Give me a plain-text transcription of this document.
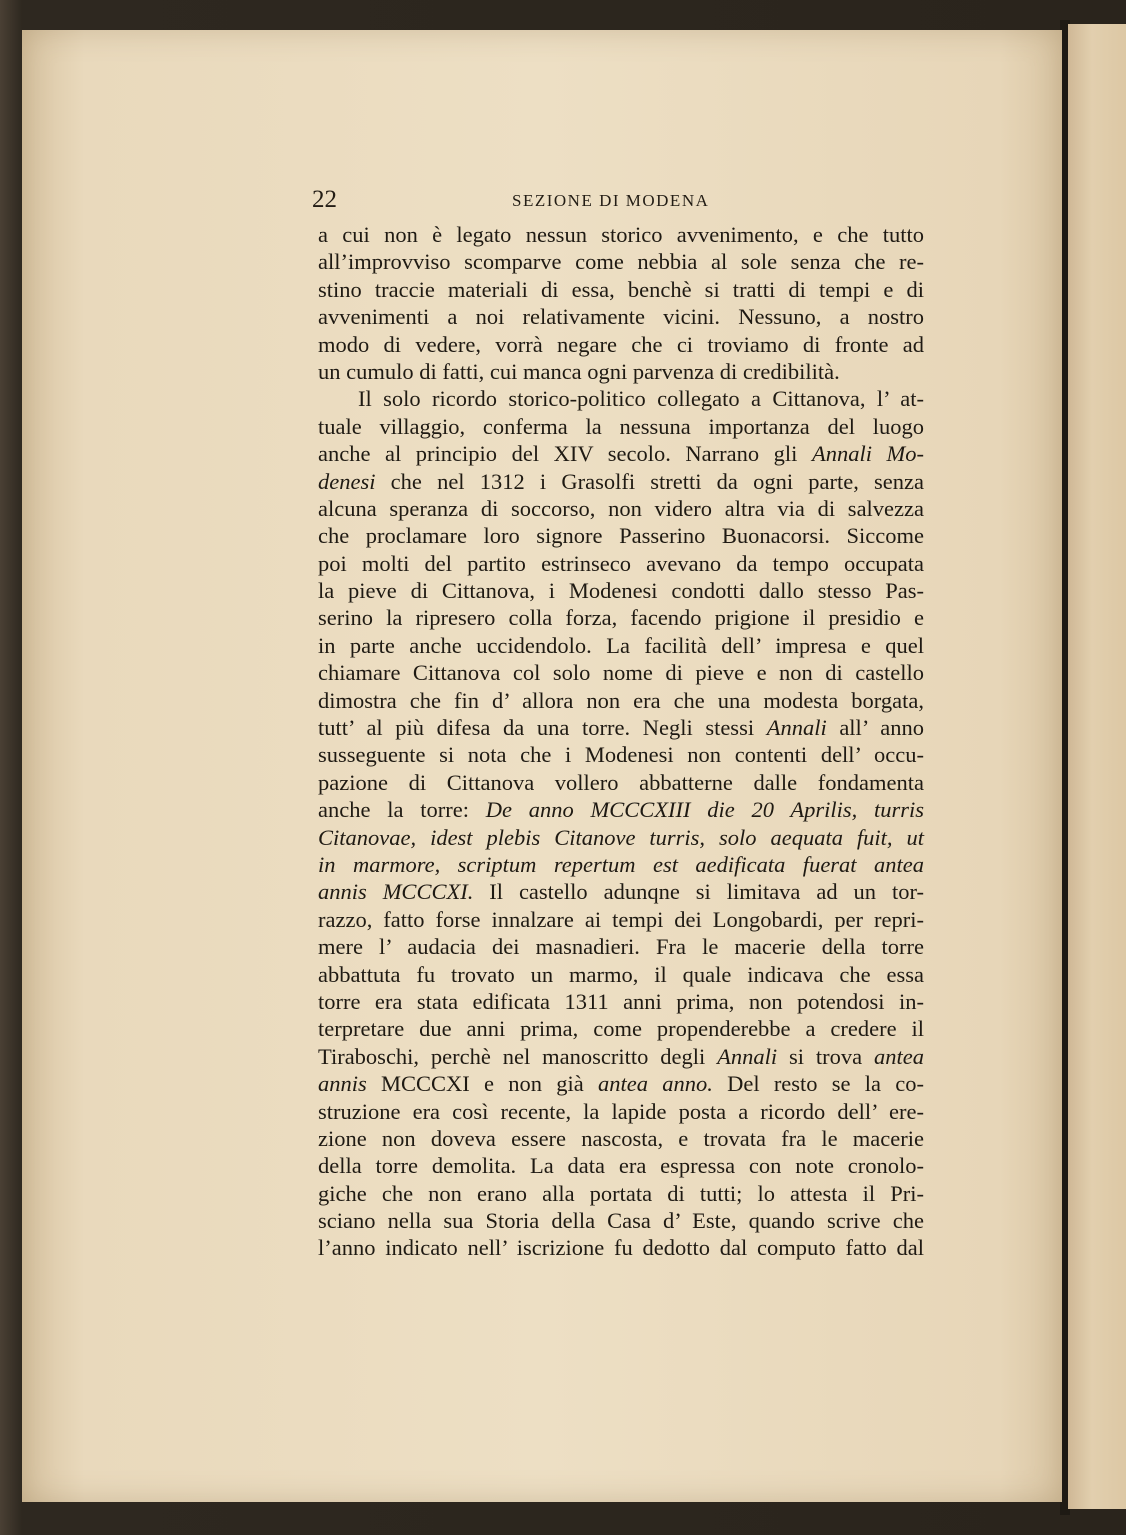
22	SEZIONE DI MODENA
a cui non è legato nessun storico avvenimento, e che tutto
all’improvviso scomparve come nebbia al sole senza che re-
stino traccie materiali di essa, benchè si tratti di tempi e di
avvenimenti a noi relativamente vicini. Nessuno, a nostro
modo di vedere, vorrà negare che ci troviamo di fronte ad
un cumulo di fatti, cui manca ogni parvenza di credibilità.
Il solo ricordo storico-politico collegato a Cittanova, l’ at-
tuale villaggio, conferma la nessuna importanza del luogo
anche al principio del XIV secolo. Narrano gli Annali Mo-
denesi che nel 1312 i Grasolfi stretti da ogni parte, senza
alcuna speranza di soccorso, non videro altra via di salvezza
che proclamare loro signore Passerino Buonacorsi. Siccome
poi molti del partito estrinseco avevano da tempo occupata
la pieve di Cittanova, i Modenesi condotti dallo stesso Pas-
serino la ripresero colla forza, facendo prigione il presidio e
in parte anche uccidendolo. La facilità dell’ impresa e quel
chiamare Cittanova col solo nome di pieve e non di castello
dimostra che fin d’ allora non era che una modesta borgata,
tutt’ al più difesa da una torre. Negli stessi Annali all’ anno
susseguente si nota che i Modenesi non contenti dell’ occu-
pazione di Cittanova vollero abbatterne dalle fondamenta
anche la torre: De anno MCCCXIII die 20 Aprilis, turris
Citanovae, idest plebis Citanove turris, solo aequata fuit, ut
in marmore, scriptum repertum est aedificata fuerat antea
annis MCCCXI. Il castello adunqne si limitava ad un tor-
razzo, fatto forse innalzare ai tempi dei Longobardi, per repri-
mere l’ audacia dei masnadieri. Fra le macerie della torre
abbattuta fu trovato un marmo, il quale indicava che essa
torre era stata edificata 1311 anni prima, non potendosi in-
terpretare due anni prima, come propenderebbe a credere il
Tiraboschi, perchè nel manoscritto degli Annali si trova antea
annis MCCCXI e non già antea anno. Del resto se la co-
struzione era così recente, la lapide posta a ricordo dell’ ere-
zione non doveva essere nascosta, e trovata fra le macerie
della torre demolita. La data era espressa con note cronolo-
giche che non erano alla portata di tutti; lo attesta il Pri-
sciano nella sua Storia della Casa d’ Este, quando scrive che
l’anno indicato nell’ iscrizione fu dedotto dal computo fatto dal
